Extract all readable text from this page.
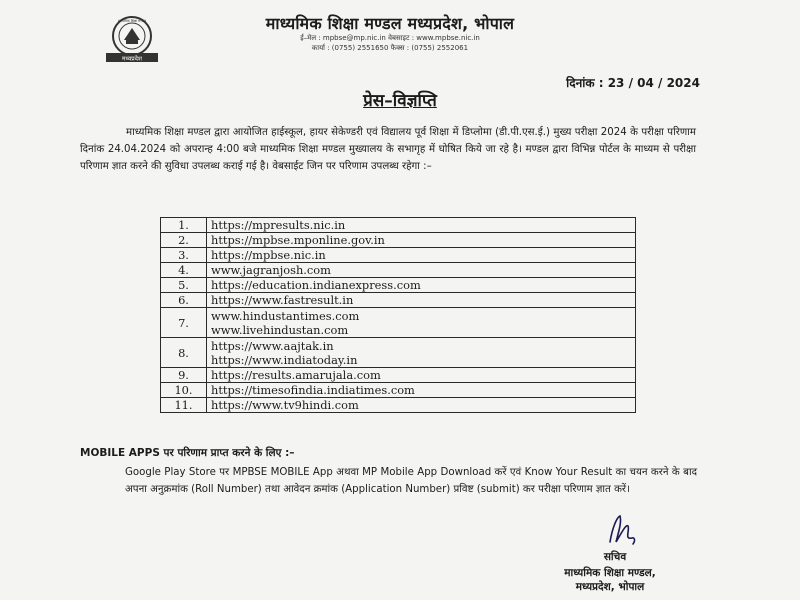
मध्यप्रदेश
माध्यमिक शिक्षा मण्डल	माध्यमिक शिक्षा मण्डल मध्यप्रदेश, भोपाल
ई–मेल : mpbse@mp.nic.in वेबसाइट : www.mpbse.nic.in
कार्या : (0755) 2551650 फैक्स : (0755) 2552061
दिनांक : 23 / 04 / 2024
प्रेस–विज्ञप्ति
माध्यमिक शिक्षा मण्डल द्वारा आयोजित हाईस्कूल, हायर सेकेण्डरी एवं विद्यालय पूर्व शिक्षा में डिप्लोमा (डी.पी.एस.ई.) मुख्य परीक्षा 2024 के परीक्षा परिणाम दिनांक 24.04.2024 को अपरान्ह 4:00 बजे माध्यमिक शिक्षा मण्डल मुख्यालय के सभागृह में घोषित किये जा रहे है। मण्डल द्वारा विभिन्न पोर्टल के माध्यम से परीक्षा परिणाम ज्ञात करने की सुविधा उपलब्ध कराई गई है। वेबसाईट जिन पर परिणाम उपलब्ध रहेगा :–
1.	https://mpresults.nic.in

2.	https://mpbse.mponline.gov.in

3.	https://mpbse.nic.in

4.	www.jagranjosh.com

5.	https://education.indianexpress.com

6.	https://www.fastresult.in

7.	www.hindustantimes.com
www.livehindustan.com

8.	https://www.aajtak.in
https://www.indiatoday.in

9.	https://results.amarujala.com

10.	https://timesofindia.indiatimes.com

11.	https://www.tv9hindi.com
MOBILE APPS पर परिणाम प्राप्त करने के लिए :–
Google Play Store पर MPBSE MOBILE App अथवा MP Mobile App Download करें एवं Know Your Result का चयन करने के बाद अपना अनुक्रमांक (Roll Number) तथा आवेदन क्रमांक (Application Number) प्रविष्ट (submit) कर परीक्षा परिणाम ज्ञात करें।
सचिव
माध्यमिक शिक्षा मण्डल,
मध्यप्रदेश, भोपाल
